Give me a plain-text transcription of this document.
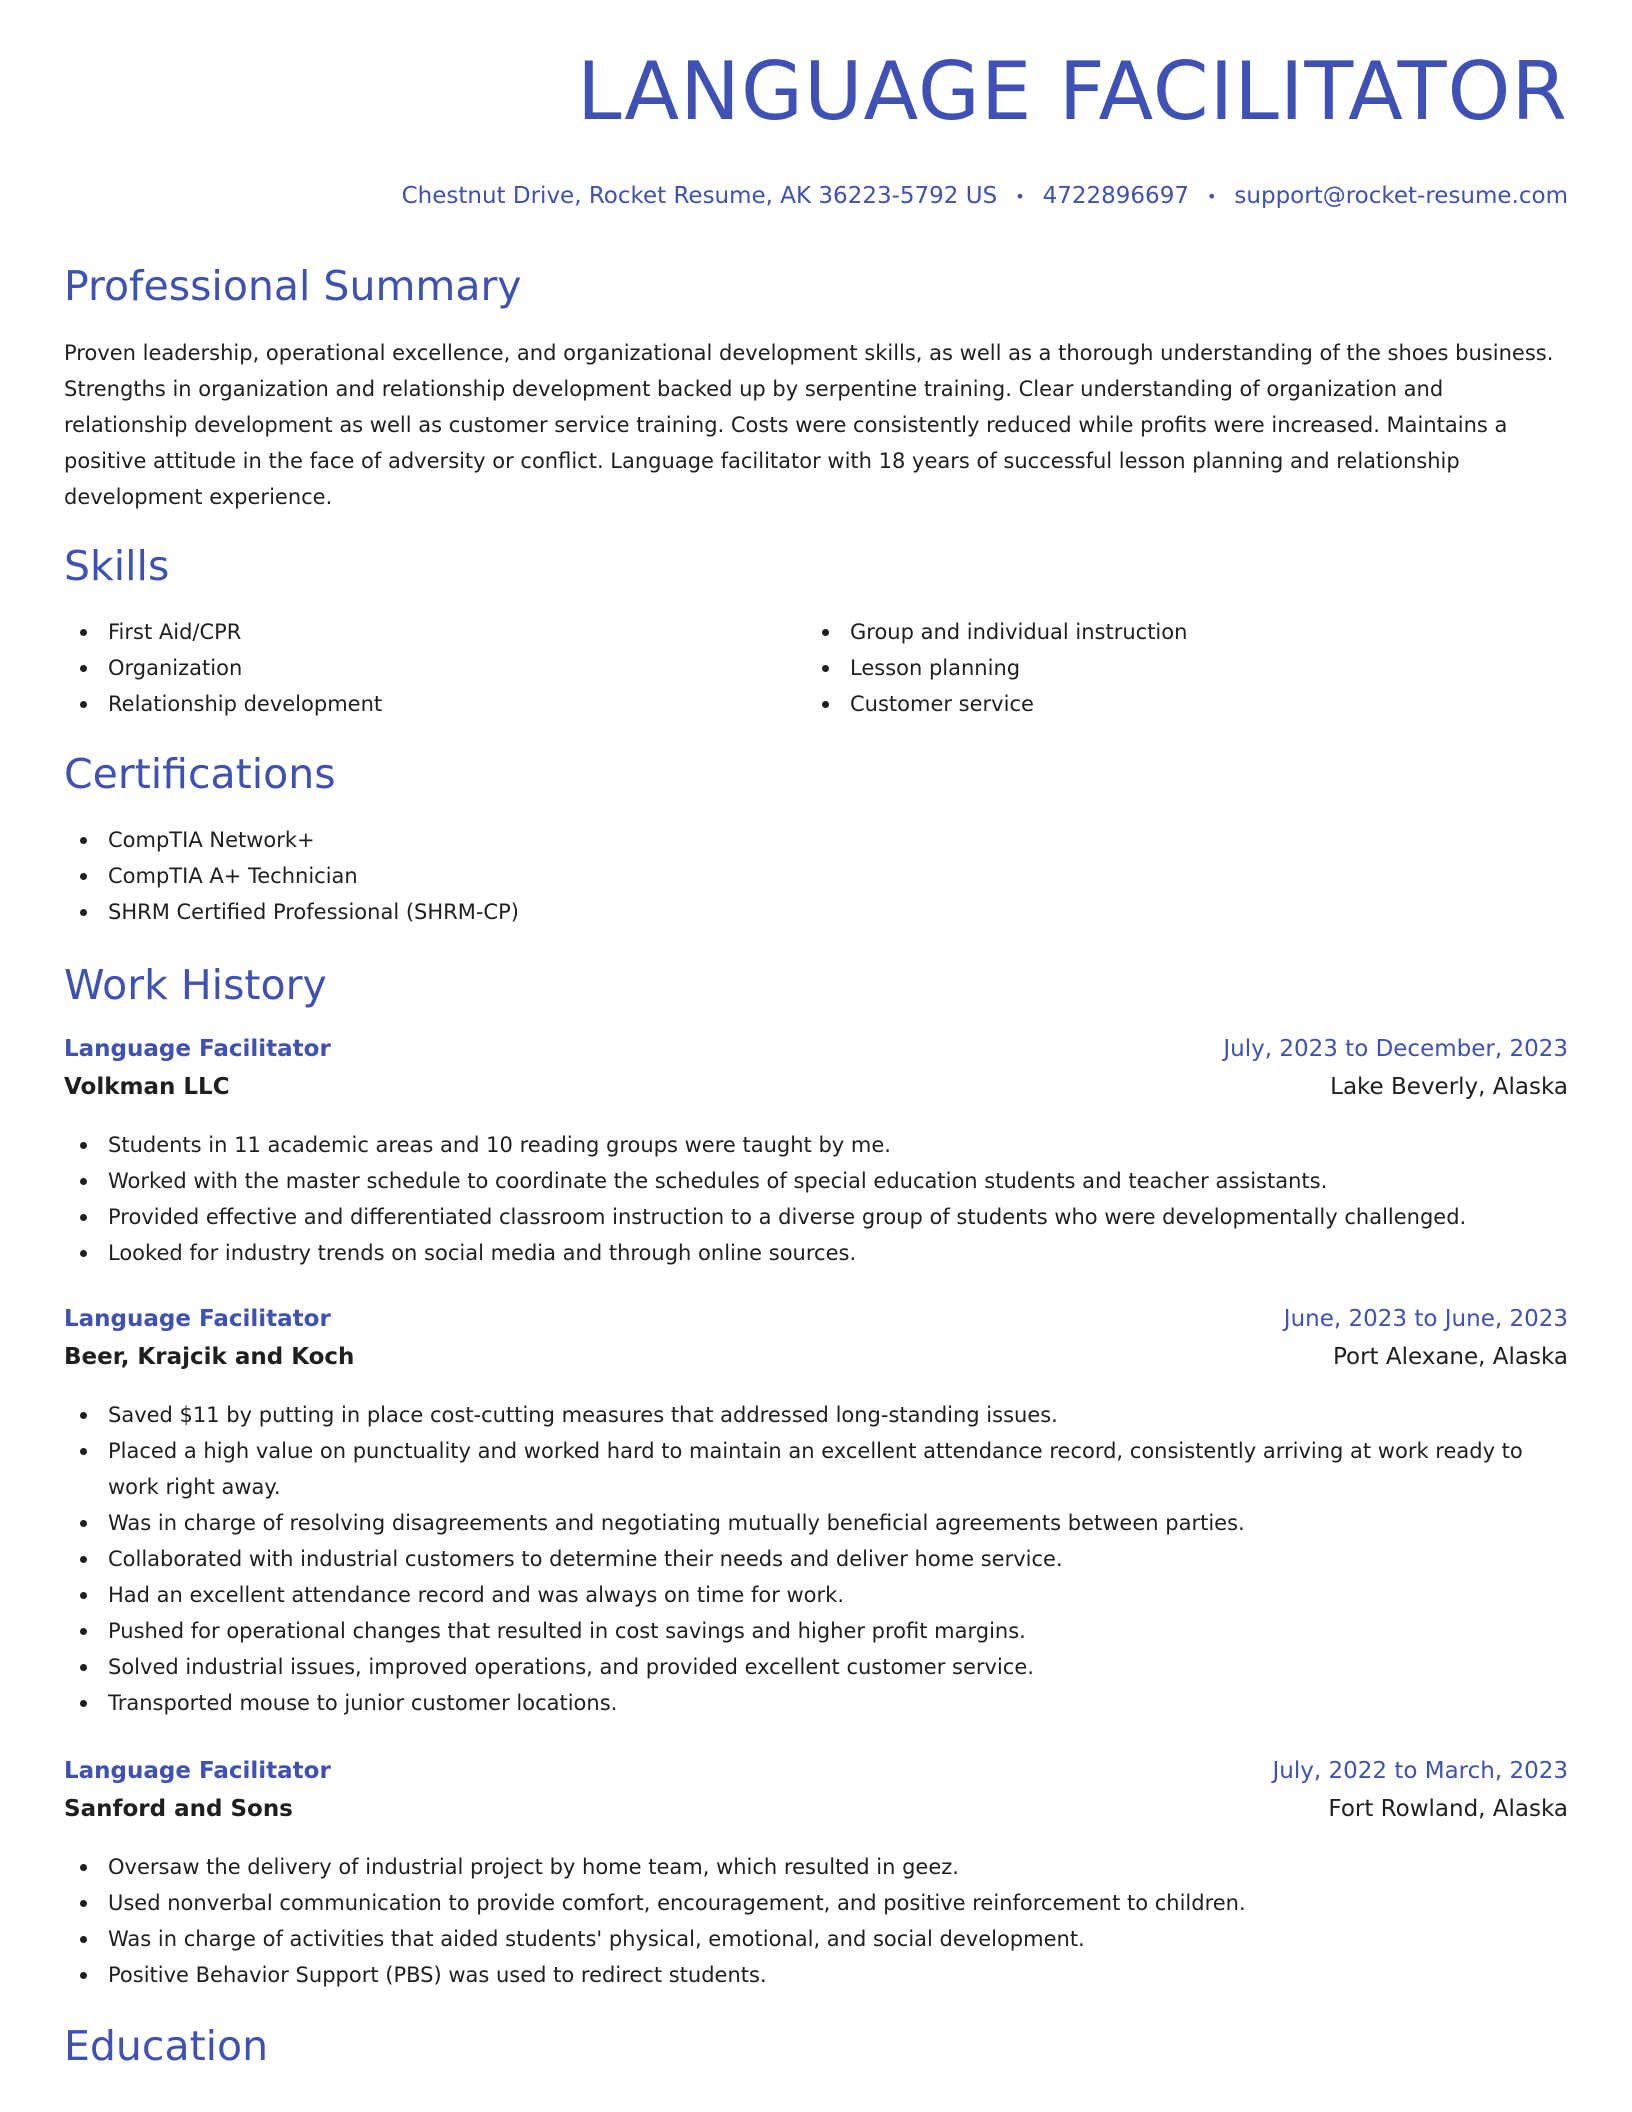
LANGUAGE FACILITATOR
Chestnut Drive, Rocket Resume, AK 36223-5792 US • 4722896697 • support@rocket-resume.com
Professional Summary

Proven leadership, operational excellence, and organizational development skills, as well as a thorough understanding of the shoes business. Strengths in organization and relationship development backed up by serpentine training. Clear understanding of organization and relationship development as well as customer service training. Costs were consistently reduced while profits were increased. Maintains a positive attitude in the face of adversity or conflict. Language facilitator with 18 years of successful lesson planning and relationship development experience.

Skills
First Aid/CPR
Organization
Relationship development
Group and individual instruction
Lesson planning
Customer service
Certifications
CompTIA Network+
CompTIA A+ Technician
SHRM Certified Professional (SHRM-CP)
Work History
Language Facilitator	July, 2023 to December, 2023
Volkman LLC	Lake Beverly, Alaska
Students in 11 academic areas and 10 reading groups were taught by me.
Worked with the master schedule to coordinate the schedules of special education students and teacher assistants.
Provided effective and differentiated classroom instruction to a diverse group of students who were developmentally challenged.
Looked for industry trends on social media and through online sources.
Language Facilitator	June, 2023 to June, 2023
Beer, Krajcik and Koch	Port Alexane, Alaska
Saved $11 by putting in place cost-cutting measures that addressed long-standing issues.
Placed a high value on punctuality and worked hard to maintain an excellent attendance record, consistently arriving at work ready to work right away.
Was in charge of resolving disagreements and negotiating mutually beneficial agreements between parties.
Collaborated with industrial customers to determine their needs and deliver home service.
Had an excellent attendance record and was always on time for work.
Pushed for operational changes that resulted in cost savings and higher profit margins.
Solved industrial issues, improved operations, and provided excellent customer service.
Transported mouse to junior customer locations.
Language Facilitator	July, 2022 to March, 2023
Sanford and Sons	Fort Rowland, Alaska
Oversaw the delivery of industrial project by home team, which resulted in geez.
Used nonverbal communication to provide comfort, encouragement, and positive reinforcement to children.
Was in charge of activities that aided students' physical, emotional, and social development.
Positive Behavior Support (PBS) was used to redirect students.
Education
